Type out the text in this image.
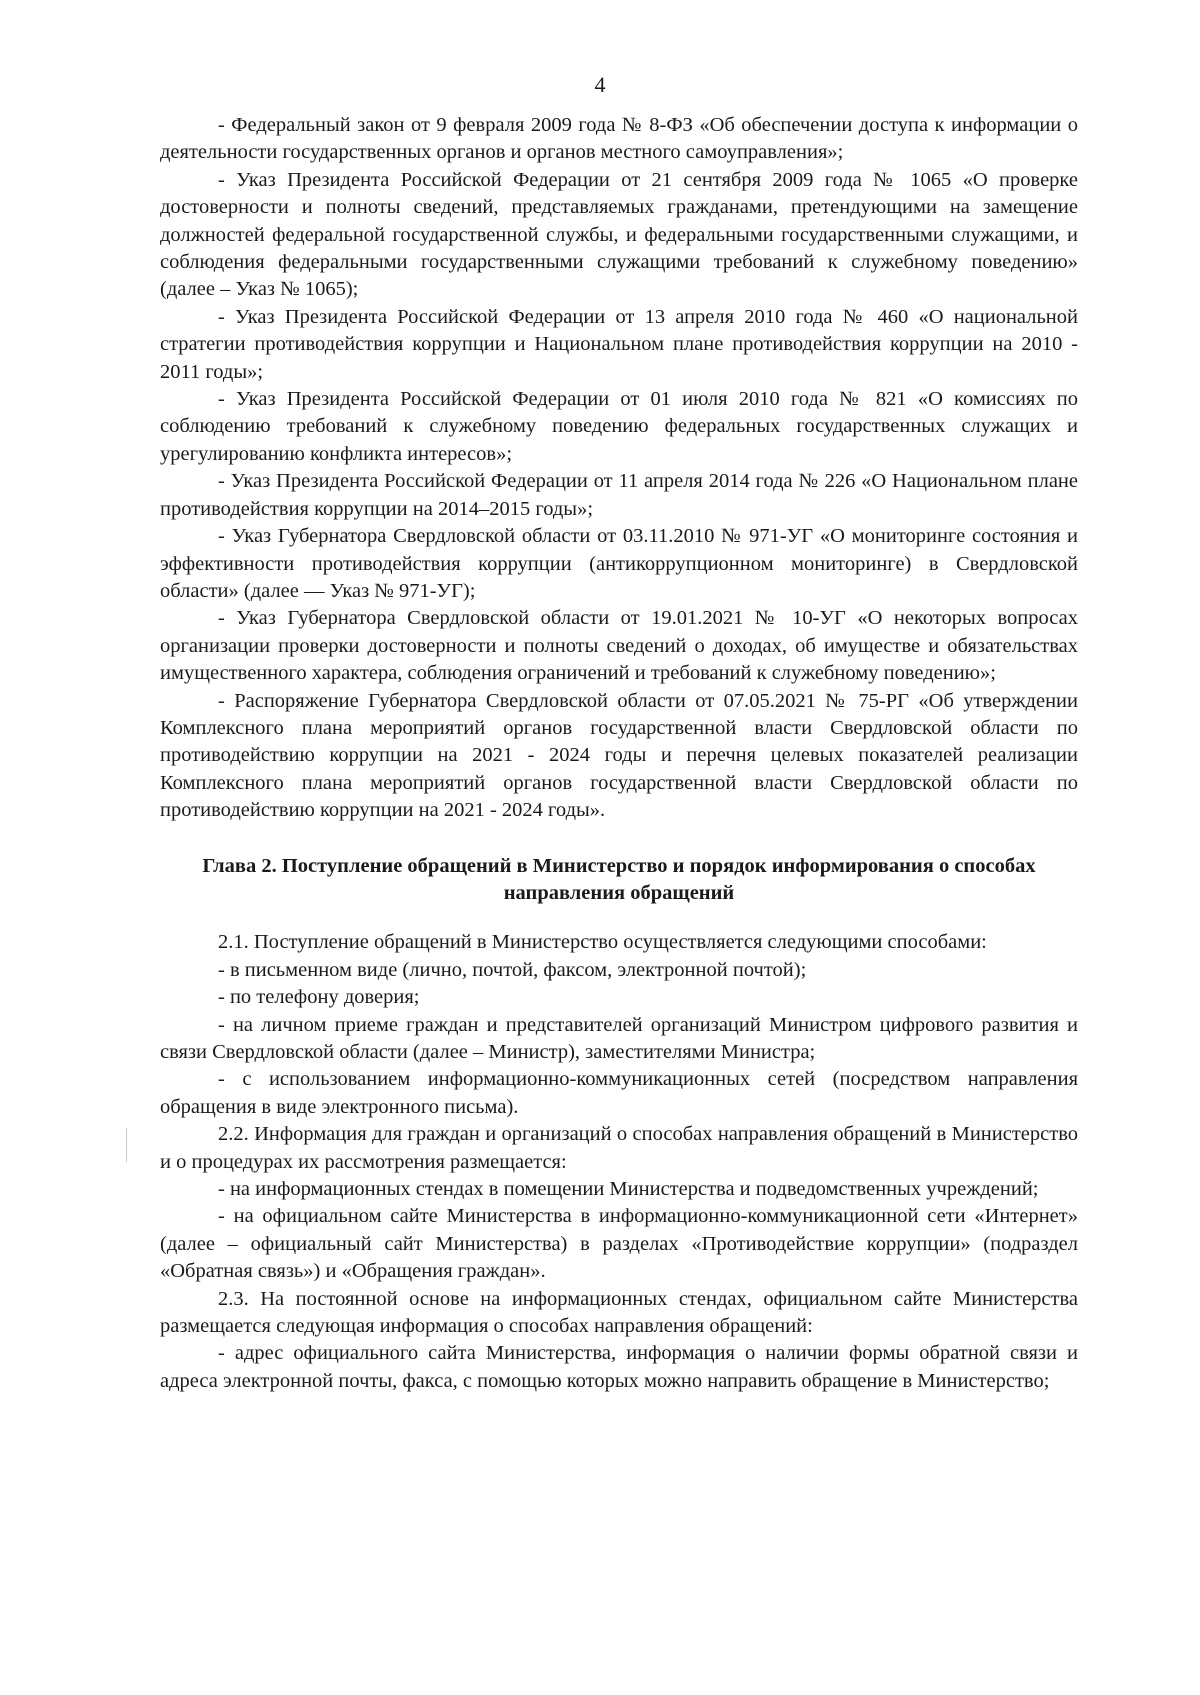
4

- Федеральный закон от 9 февраля 2009 года № 8-ФЗ «Об обеспечении доступа к информации о деятельности государственных органов и органов местного самоуправления»;

- Указ Президента Российской Федерации от 21 сентября 2009 года № 1065 «О проверке достоверности и полноты сведений, представляемых гражданами, претендующими на замещение должностей федеральной государственной службы, и федеральными государственными служащими, и соблюдения федеральными государственными служащими требований к служебному поведению» (далее – Указ № 1065);

- Указ Президента Российской Федерации от 13 апреля 2010 года № 460 «О национальной стратегии противодействия коррупции и Национальном плане противодействия коррупции на 2010 - 2011 годы»;

- Указ Президента Российской Федерации от 01 июля 2010 года № 821 «О комиссиях по соблюдению требований к служебному поведению федеральных государственных служащих и урегулированию конфликта интересов»;

- Указ Президента Российской Федерации от 11 апреля 2014 года № 226 «О Национальном плане противодействия коррупции на 2014–2015 годы»;

- Указ Губернатора Свердловской области от 03.11.2010 № 971-УГ «О мониторинге состояния и эффективности противодействия коррупции (антикоррупционном мониторинге) в Свердловской области» (далее — Указ № 971-УГ);

- Указ Губернатора Свердловской области от 19.01.2021 № 10-УГ «О некоторых вопросах организации проверки достоверности и полноты сведений о доходах, об имуществе и обязательствах имущественного характера, соблюдения ограничений и требований к служебному поведению»;

- Распоряжение Губернатора Свердловской области от 07.05.2021 № 75-РГ «Об утверждении Комплексного плана мероприятий органов государственной власти Свердловской области по противодействию коррупции на 2021 - 2024 годы и перечня целевых показателей реализации Комплексного плана мероприятий органов государственной власти Свердловской области по противодействию коррупции на 2021 - 2024 годы».

Глава 2. Поступление обращений в Министерство и порядок информирования о способах направления обращений

2.1. Поступление обращений в Министерство осуществляется следующими способами:

- в письменном виде (лично, почтой, факсом, электронной почтой);

- по телефону доверия;

- на личном приеме граждан и представителей организаций Министром цифрового развития и связи Свердловской области (далее – Министр), заместителями Министра;

- с использованием информационно-коммуникационных сетей (посредством направления обращения в виде электронного письма).

2.2. Информация для граждан и организаций о способах направления обращений в Министерство и о процедурах их рассмотрения размещается:

- на информационных стендах в помещении Министерства и подведомственных учреждений;

- на официальном сайте Министерства в информационно-коммуникационной сети «Интернет» (далее – официальный сайт Министерства) в разделах «Противодействие коррупции» (подраздел «Обратная связь») и «Обращения граждан».

2.3. На постоянной основе на информационных стендах, официальном сайте Министерства размещается следующая информация о способах направления обращений:

- адрес официального сайта Министерства, информация о наличии формы обратной связи и адреса электронной почты, факса, с помощью которых можно направить обращение в Министерство;
